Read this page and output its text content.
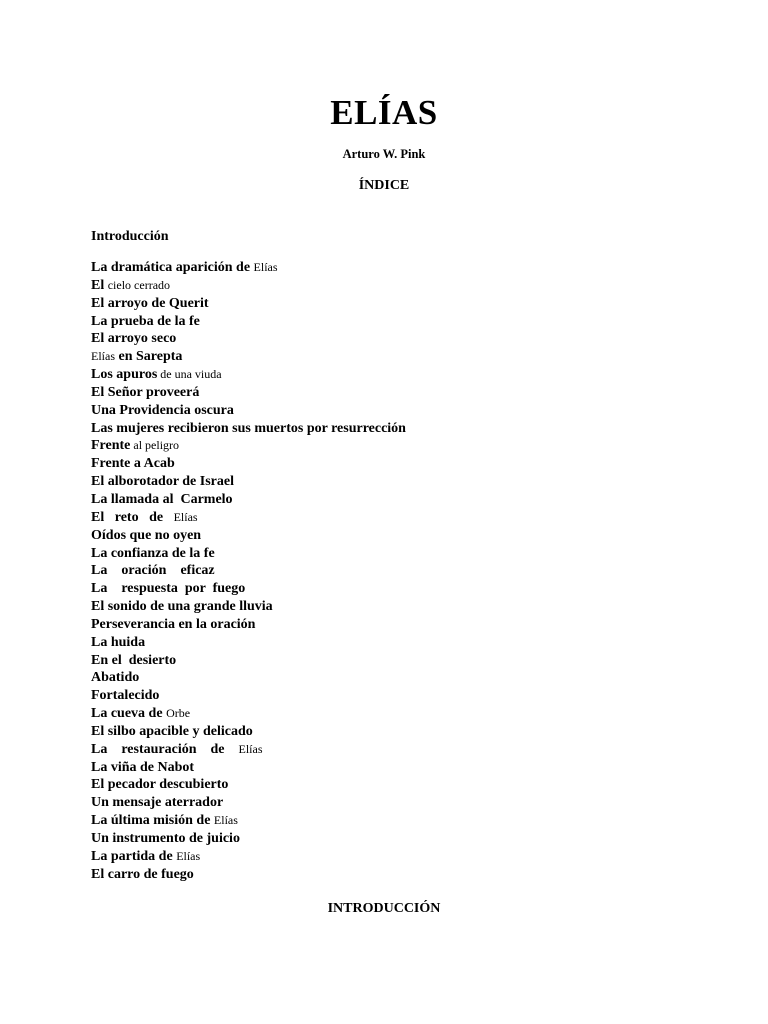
ELÍAS
Arturo W. Pink
ÍNDICE
Introducción
La dramática aparición de Elías
El cielo cerrado
El arroyo de Querit
La prueba de la fe
El arroyo seco
Elías en Sarepta
Los apuros de una viuda
El Señor proveerá
Una Providencia oscura
Las mujeres recibieron sus muertos por resurrección
Frente al peligro
Frente a Acab
El alborotador de Israel
La llamada al  Carmelo
El   reto   de   Elías
Oídos que no oyen
La confianza de la fe
La    oración    eficaz
La    respuesta  por  fuego
El sonido de una grande lluvia
Perseverancia en la oración
La huida
En el  desierto
Abatido
Fortalecido
La cueva de Orbe
El silbo apacible y delicado
La    restauración    de    Elías
La viña de Nabot
El pecador descubierto
Un mensaje aterrador
La última misión de Elías
Un instrumento de juicio
La partida de Elías
El carro de fuego
INTRODUCCIÓN
